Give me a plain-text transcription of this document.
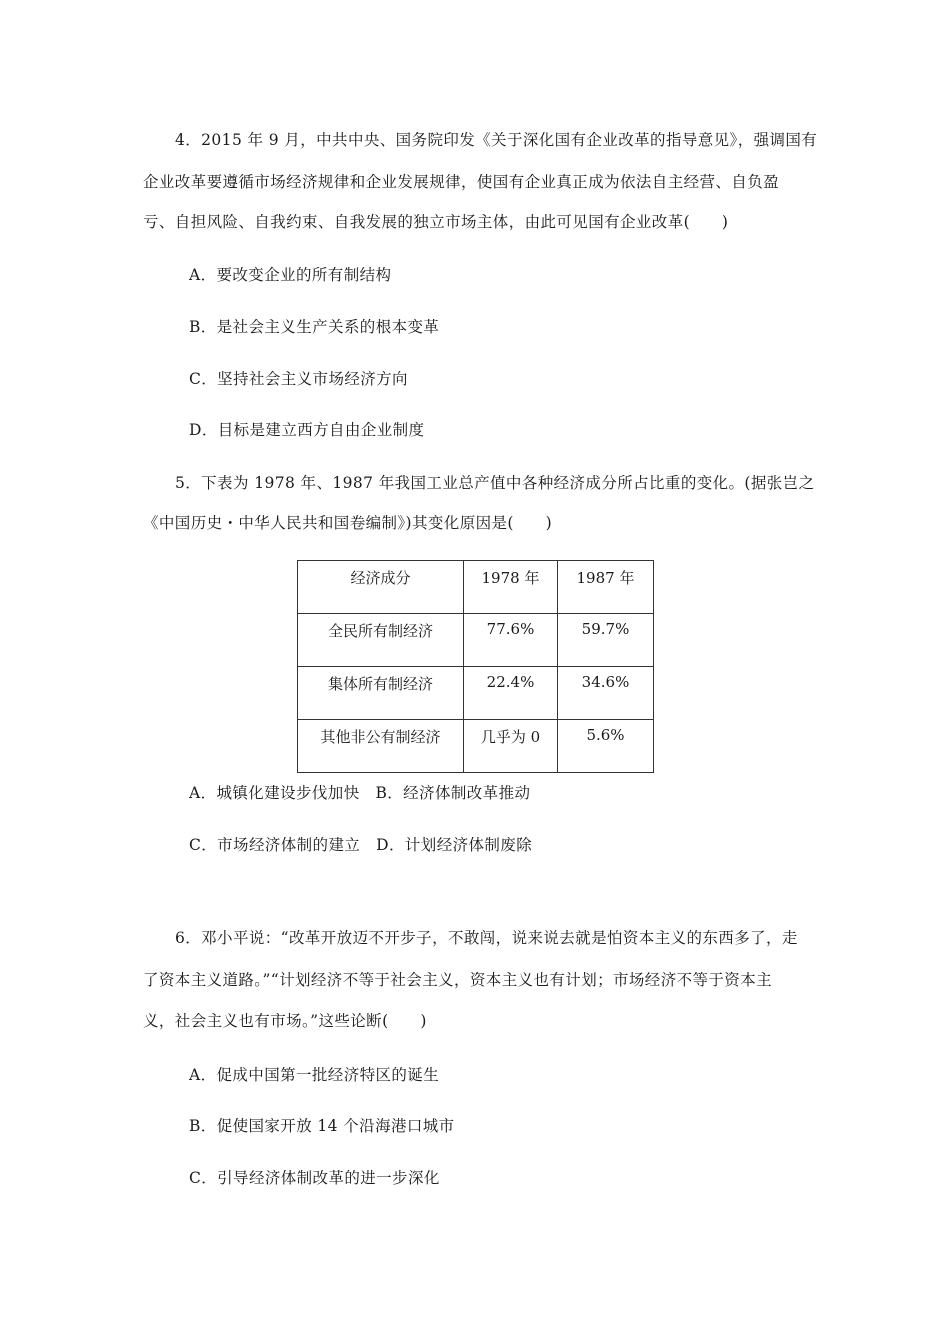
4．2015 年 9 月，中共中央、国务院印发《关于深化国有企业改革的指导意见》，强调国有
企业改革要遵循市场经济规律和企业发展规律，使国有企业真正成为依法自主经营、自负盈
亏、自担风险、自我约束、自我发展的独立市场主体，由此可见国有企业改革(　　)
A．要改变企业的所有制结构
B．是社会主义生产关系的根本变革
C．坚持社会主义市场经济方向
D．目标是建立西方自由企业制度
5．下表为 1978 年、1987 年我国工业总产值中各种经济成分所占比重的变化。(据张岂之
《中国历史・中华人民共和国卷编制》)其变化原因是(　　)
经济成分	1978 年	1987 年
全民所有制经济	77.6%	59.7%
集体所有制经济	22.4%	34.6%
其他非公有制经济	几乎为 0	5.6%
A．城镇化建设步伐加快　B．经济体制改革推动
C．市场经济体制的建立　D．计划经济体制废除
6．邓小平说：“改革开放迈不开步子，不敢闯，说来说去就是怕资本主义的东西多了，走
了资本主义道路。”“计划经济不等于社会主义，资本主义也有计划；市场经济不等于资本主
义，社会主义也有市场。”这些论断(　　)
A．促成中国第一批经济特区的诞生
B．促使国家开放 14 个沿海港口城市
C．引导经济体制改革的进一步深化
